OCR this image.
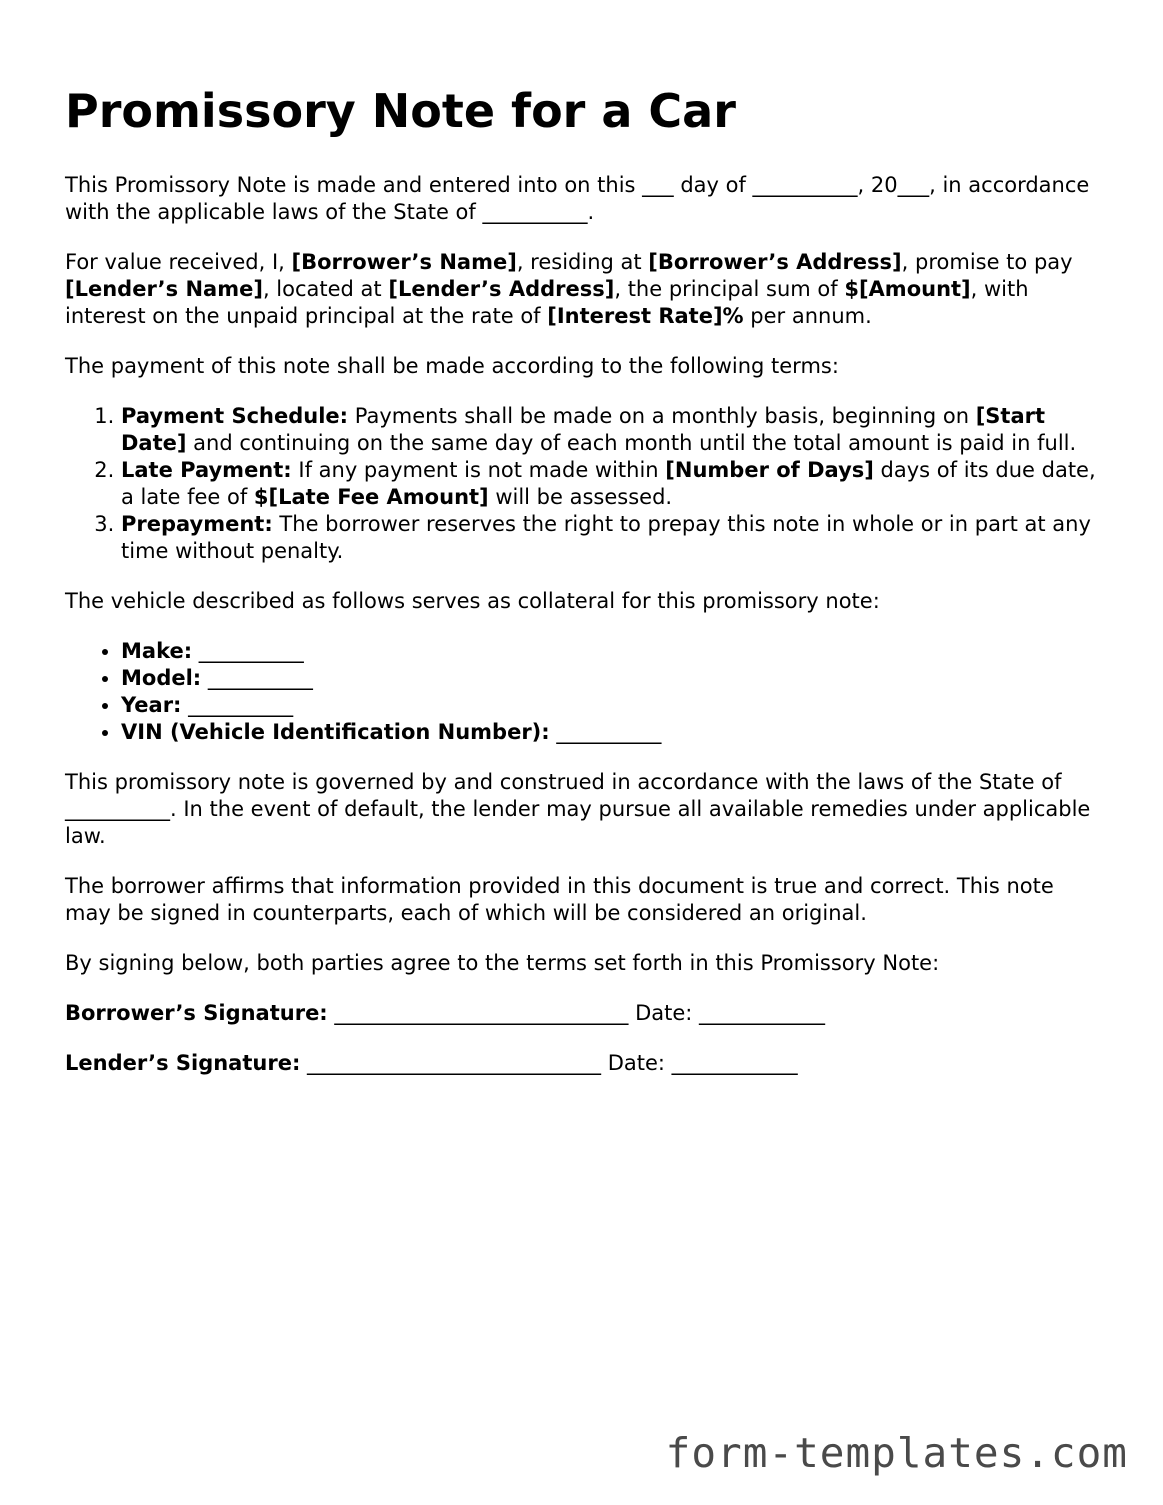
Promissory Note for a Car

This Promissory Note is made and entered into on this ___ day of __________, 20___, in accordance with the applicable laws of the State of __________.

For value received, I, [Borrower’s Name], residing at [Borrower’s Address], promise to pay [Lender’s Name], located at [Lender’s Address], the principal sum of $[Amount], with interest on the unpaid principal at the rate of [Interest Rate]% per annum.

The payment of this note shall be made according to the following terms:

1. Payment Schedule: Payments shall be made on a monthly basis, beginning on [Start Date] and continuing on the same day of each month until the total amount is paid in full.
2. Late Payment: If any payment is not made within [Number of Days] days of its due date, a late fee of $[Late Fee Amount] will be assessed.
3. Prepayment: The borrower reserves the right to prepay this note in whole or in part at any time without penalty.

The vehicle described as follows serves as collateral for this promissory note:

• Make: __________
• Model: __________
• Year: __________
• VIN (Vehicle Identification Number): __________

This promissory note is governed by and construed in accordance with the laws of the State of __________. In the event of default, the lender may pursue all available remedies under applicable law.

The borrower affirms that information provided in this document is true and correct. This note may be signed in counterparts, each of which will be considered an original.

By signing below, both parties agree to the terms set forth in this Promissory Note:

Borrower’s Signature: ____________________________ Date: ____________
Lender’s Signature: ____________________________ Date: ____________
form-templates.com
